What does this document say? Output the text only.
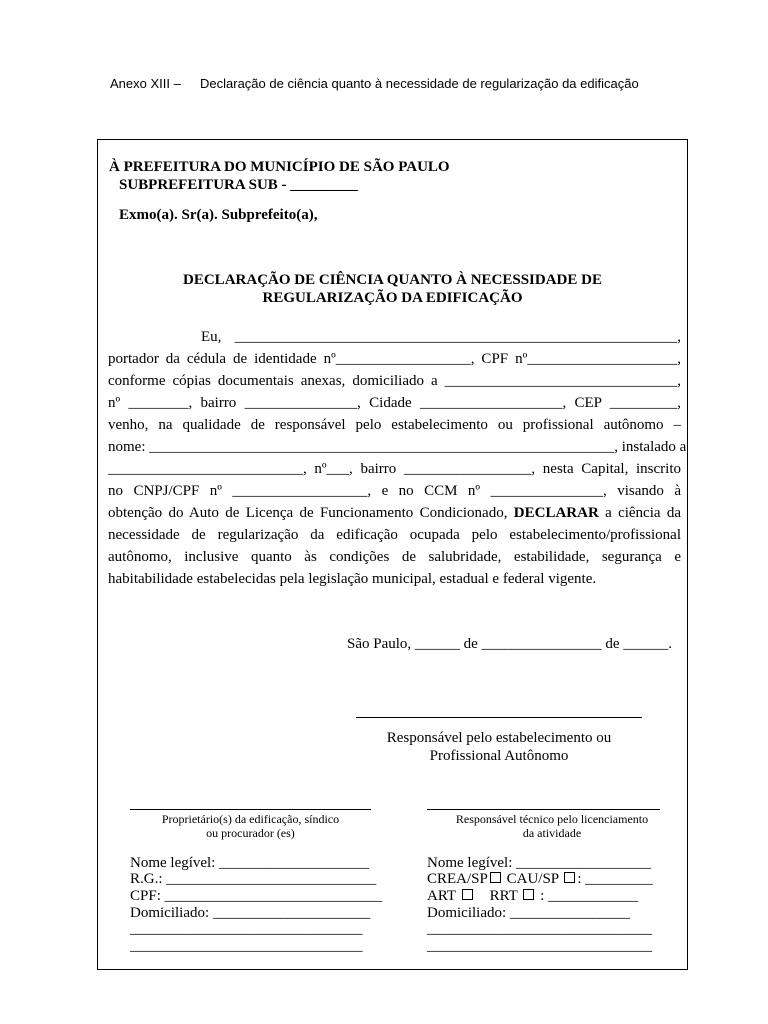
Anexo XIII –	Declaração de ciência quanto à necessidade de regularização da edificação
À PREFEITURA DO MUNICÍPIO DE SÃO PAULO
SUBPREFEITURA SUB - _________
Exmo(a). Sr(a). Subprefeito(a),
DECLARAÇÃO DE CIÊNCIA QUANTO À NECESSIDADE DE
REGULARIZAÇÃO DA EDIFICAÇÃO
Eu, ___________________________________________________________,
portador da cédula de identidade nº__________________, CPF nº____________________,
conforme cópias documentais anexas, domiciliado a _______________________________,
nº ________, bairro _______________, Cidade ___________________, CEP _________,
venho, na qualidade de responsável pelo estabelecimento ou profissional autônomo –
nome: ______________________________________________________________, instalado a
__________________________, nº___, bairro _________________, nesta Capital, inscrito
no CNPJ/CPF nº __________________, e no CCM nº _______________, visando à
obtenção do Auto de Licença de Funcionamento Condicionado, DECLARAR a ciência da
necessidade de regularização da edificação ocupada pelo estabelecimento/profissional
autônomo, inclusive quanto às condições de salubridade, estabilidade, segurança e
habitabilidade estabelecidas pela legislação municipal, estadual e federal vigente.
São Paulo, ______ de ________________ de ______.
Responsável pelo estabelecimento ou
Profissional Autônomo
Proprietário(s) da edificação, síndico
ou procurador (es)
Responsável técnico pelo licenciamento
da atividade
Nome legível: ____________________
R.G.: ____________________________
CPF: _____________________________
Domiciliado: _____________________
_______________________________
_______________________________
Nome legível: __________________
CREA/SP CAU/SP : _________
ART RRT  : ____________
Domiciliado: ________________
______________________________
______________________________
